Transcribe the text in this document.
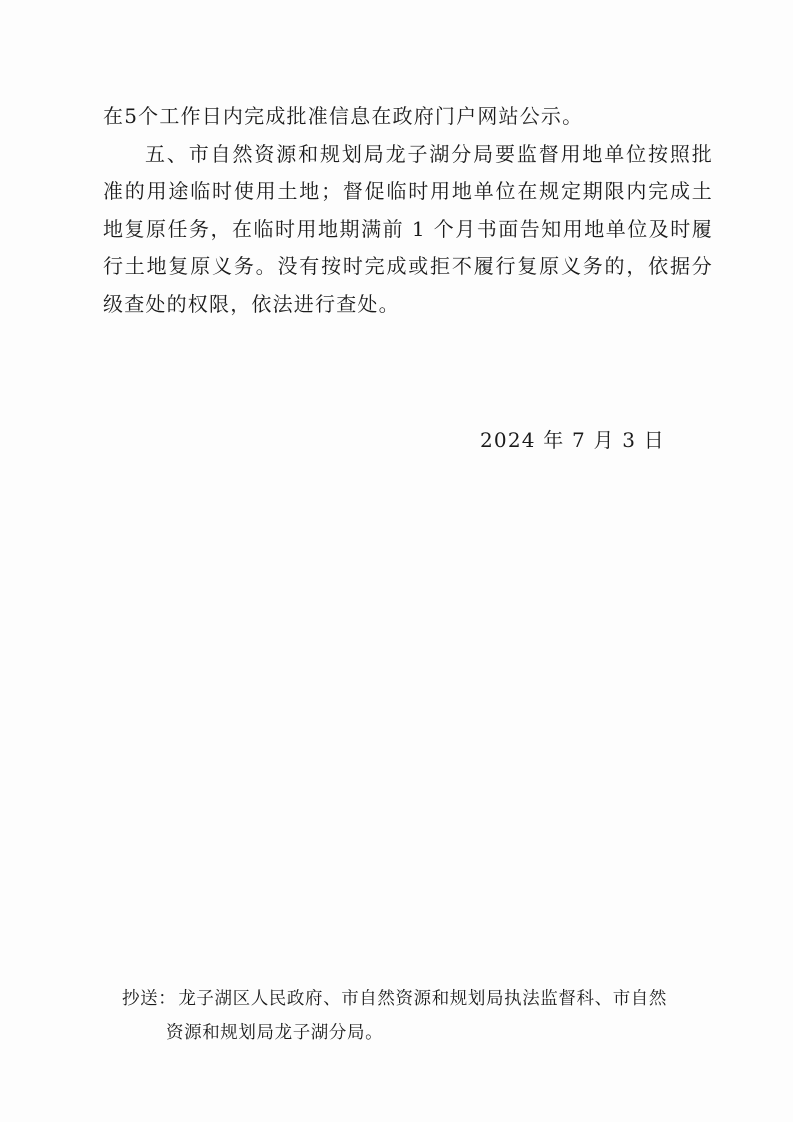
在5个工作日内完成批准信息在政府门户网站公示。

五、市自然资源和规划局龙子湖分局要监督用地单位按照批准的用途临时使用土地；督促临时用地单位在规定期限内完成土地复原任务，在临时用地期满前 1 个月书面告知用地单位及时履行土地复原义务。没有按时完成或拒不履行复原义务的，依据分级查处的权限，依法进行查处。

2024 年 7 月 3 日
抄送： 龙子湖区人民政府、市自然资源和规划局执法监督科、市自然
资源和规划局龙子湖分局。
